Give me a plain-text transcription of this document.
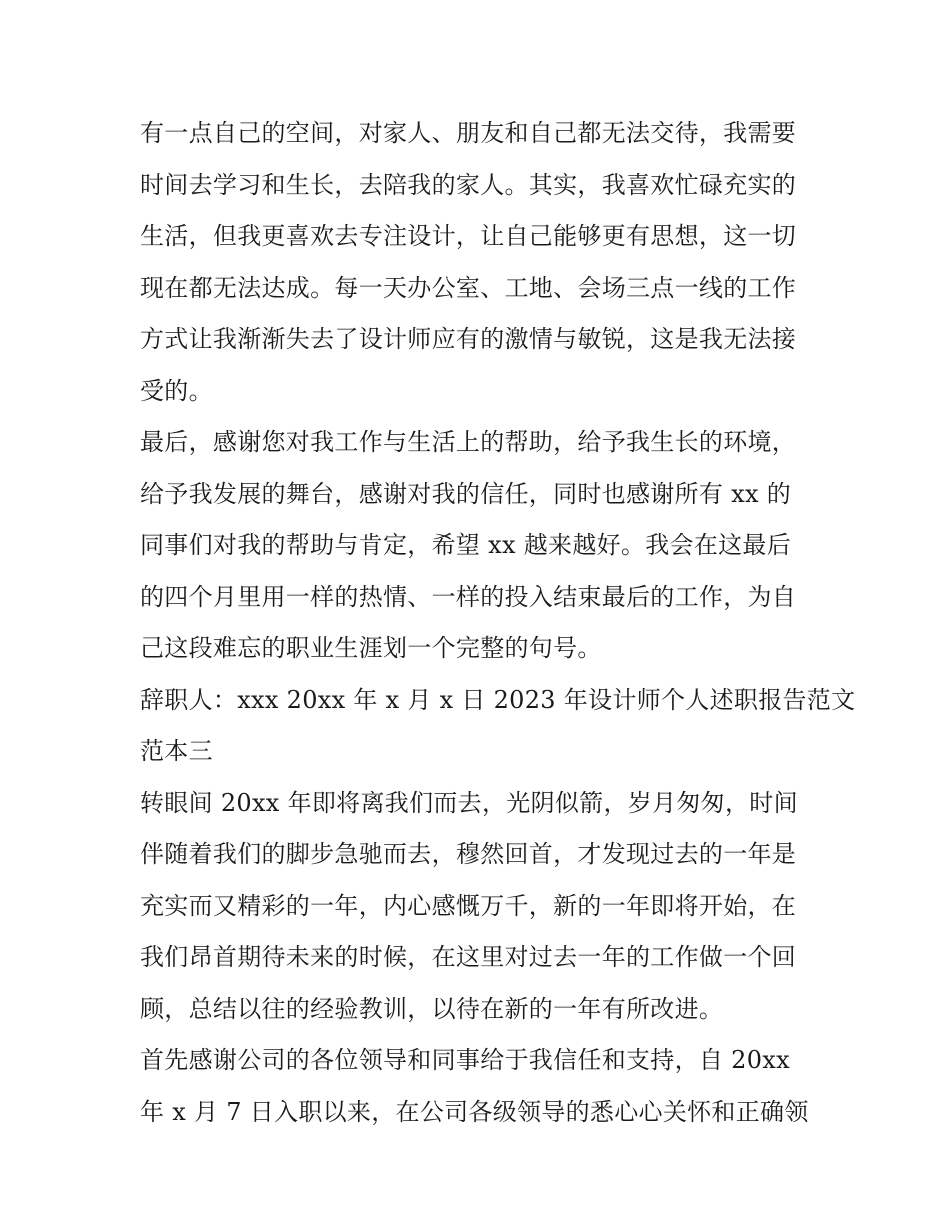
有一点自己的空间，对家人、朋友和自己都无法交待，我需要
时间去学习和生长，去陪我的家人。其实，我喜欢忙碌充实的
生活，但我更喜欢去专注设计，让自己能够更有思想，这一切
现在都无法达成。每一天办公室、工地、会场三点一线的工作
方式让我渐渐失去了设计师应有的激情与敏锐，这是我无法接
受的。
最后，感谢您对我工作与生活上的帮助，给予我生长的环境，
给予我发展的舞台，感谢对我的信任，同时也感谢所有 xx 的
同事们对我的帮助与肯定，希望 xx 越来越好。我会在这最后
的四个月里用一样的热情、一样的投入结束最后的工作，为自
己这段难忘的职业生涯划一个完整的句号。
辞职人：xxx 20xx 年 x 月 x 日 2023 年设计师个人述职报告范文
范本三
转眼间 20xx 年即将离我们而去，光阴似箭，岁月匆匆，时间
伴随着我们的脚步急驰而去，穆然回首，才发现过去的一年是
充实而又精彩的一年，内心感慨万千，新的一年即将开始，在
我们昂首期待未来的时候，在这里对过去一年的工作做一个回
顾，总结以往的经验教训，以待在新的一年有所改进。
首先感谢公司的各位领导和同事给于我信任和支持，自 20xx
年 x 月 7 日入职以来，在公司各级领导的悉心心关怀和正确领
